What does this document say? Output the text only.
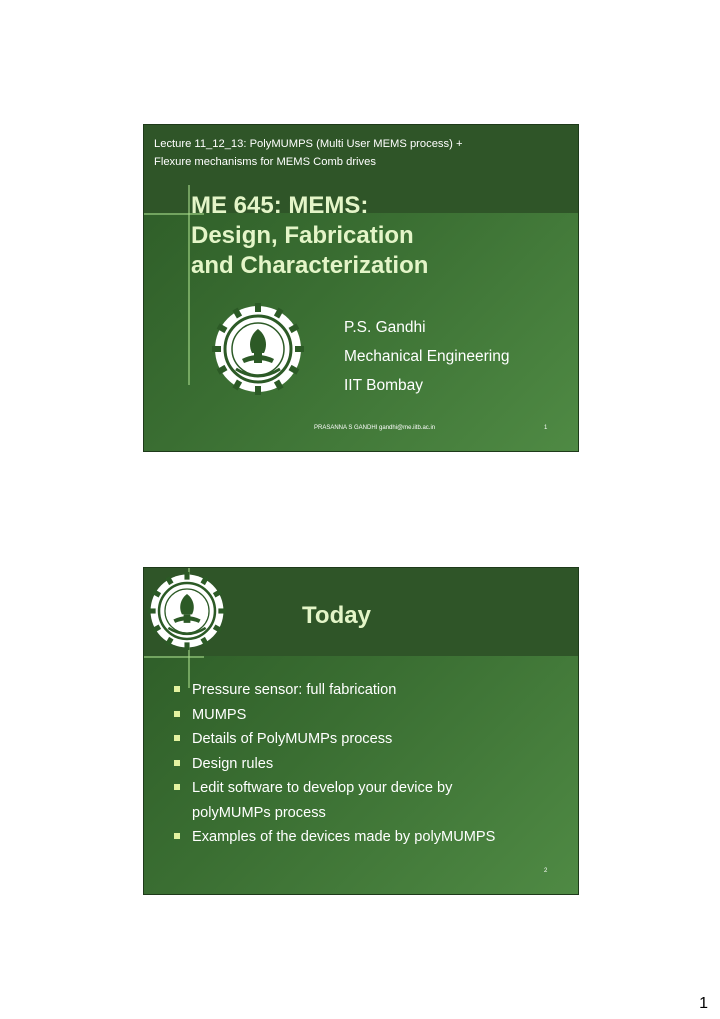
Lecture 11_12_13: PolyMUMPS (Multi User MEMS process) +
Flexure mechanisms for MEMS Comb drives
ME 645: MEMS:
Design, Fabrication
and Characterization
P.S. Gandhi
Mechanical Engineering
IIT Bombay
PRASANNA S GANDHI gandhi@me.iitb.ac.in	1
Today
Pressure sensor: full fabrication
MUMPS
Details of PolyMUMPs process
Design rules
Ledit software to develop your device by
polyMUMPs process
Examples of the devices made by polyMUMPS
2
1
